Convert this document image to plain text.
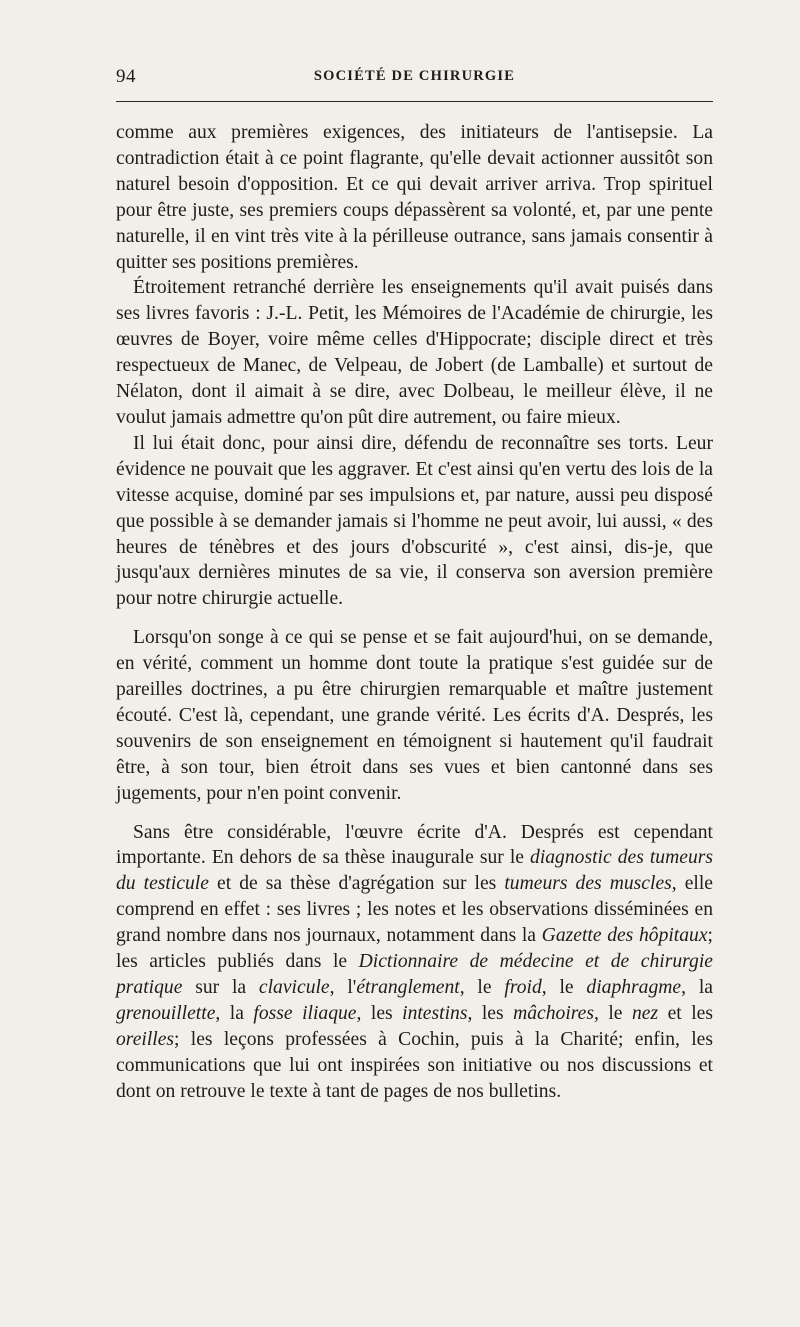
94	SOCIÉTÉ DE CHIRURGIE

comme aux premières exigences, des initiateurs de l'antisepsie. La contradiction était à ce point flagrante, qu'elle devait actionner aussitôt son naturel besoin d'opposition. Et ce qui devait arriver arriva. Trop spirituel pour être juste, ses premiers coups dépassèrent sa volonté, et, par une pente naturelle, il en vint très vite à la périlleuse outrance, sans jamais consentir à quitter ses positions premières.

Étroitement retranché derrière les enseignements qu'il avait puisés dans ses livres favoris : J.-L. Petit, les Mémoires de l'Académie de chirurgie, les œuvres de Boyer, voire même celles d'Hippocrate; disciple direct et très respectueux de Manec, de Velpeau, de Jobert (de Lamballe) et surtout de Nélaton, dont il aimait à se dire, avec Dolbeau, le meilleur élève, il ne voulut jamais admettre qu'on pût dire autrement, ou faire mieux.

Il lui était donc, pour ainsi dire, défendu de reconnaître ses torts. Leur évidence ne pouvait que les aggraver. Et c'est ainsi qu'en vertu des lois de la vitesse acquise, dominé par ses impulsions et, par nature, aussi peu disposé que possible à se demander jamais si l'homme ne peut avoir, lui aussi, « des heures de ténèbres et des jours d'obscurité », c'est ainsi, dis-je, que jusqu'aux dernières minutes de sa vie, il conserva son aversion première pour notre chirurgie actuelle.

Lorsqu'on songe à ce qui se pense et se fait aujourd'hui, on se demande, en vérité, comment un homme dont toute la pratique s'est guidée sur de pareilles doctrines, a pu être chirurgien remarquable et maître justement écouté. C'est là, cependant, une grande vérité. Les écrits d'A. Després, les souvenirs de son enseignement en témoignent si hautement qu'il faudrait être, à son tour, bien étroit dans ses vues et bien cantonné dans ses jugements, pour n'en point convenir.

Sans être considérable, l'œuvre écrite d'A. Després est cependant importante. En dehors de sa thèse inaugurale sur le diagnostic des tumeurs du testicule et de sa thèse d'agrégation sur les tumeurs des muscles, elle comprend en effet : ses livres ; les notes et les observations disséminées en grand nombre dans nos journaux, notamment dans la Gazette des hôpitaux; les articles publiés dans le Dictionnaire de médecine et de chirurgie pratique sur la clavicule, l'étranglement, le froid, le diaphragme, la grenouillette, la fosse iliaque, les intestins, les mâchoires, le nez et les oreilles; les leçons professées à Cochin, puis à la Charité; enfin, les communications que lui ont inspirées son initiative ou nos discussions et dont on retrouve le texte à tant de pages de nos bulletins.
